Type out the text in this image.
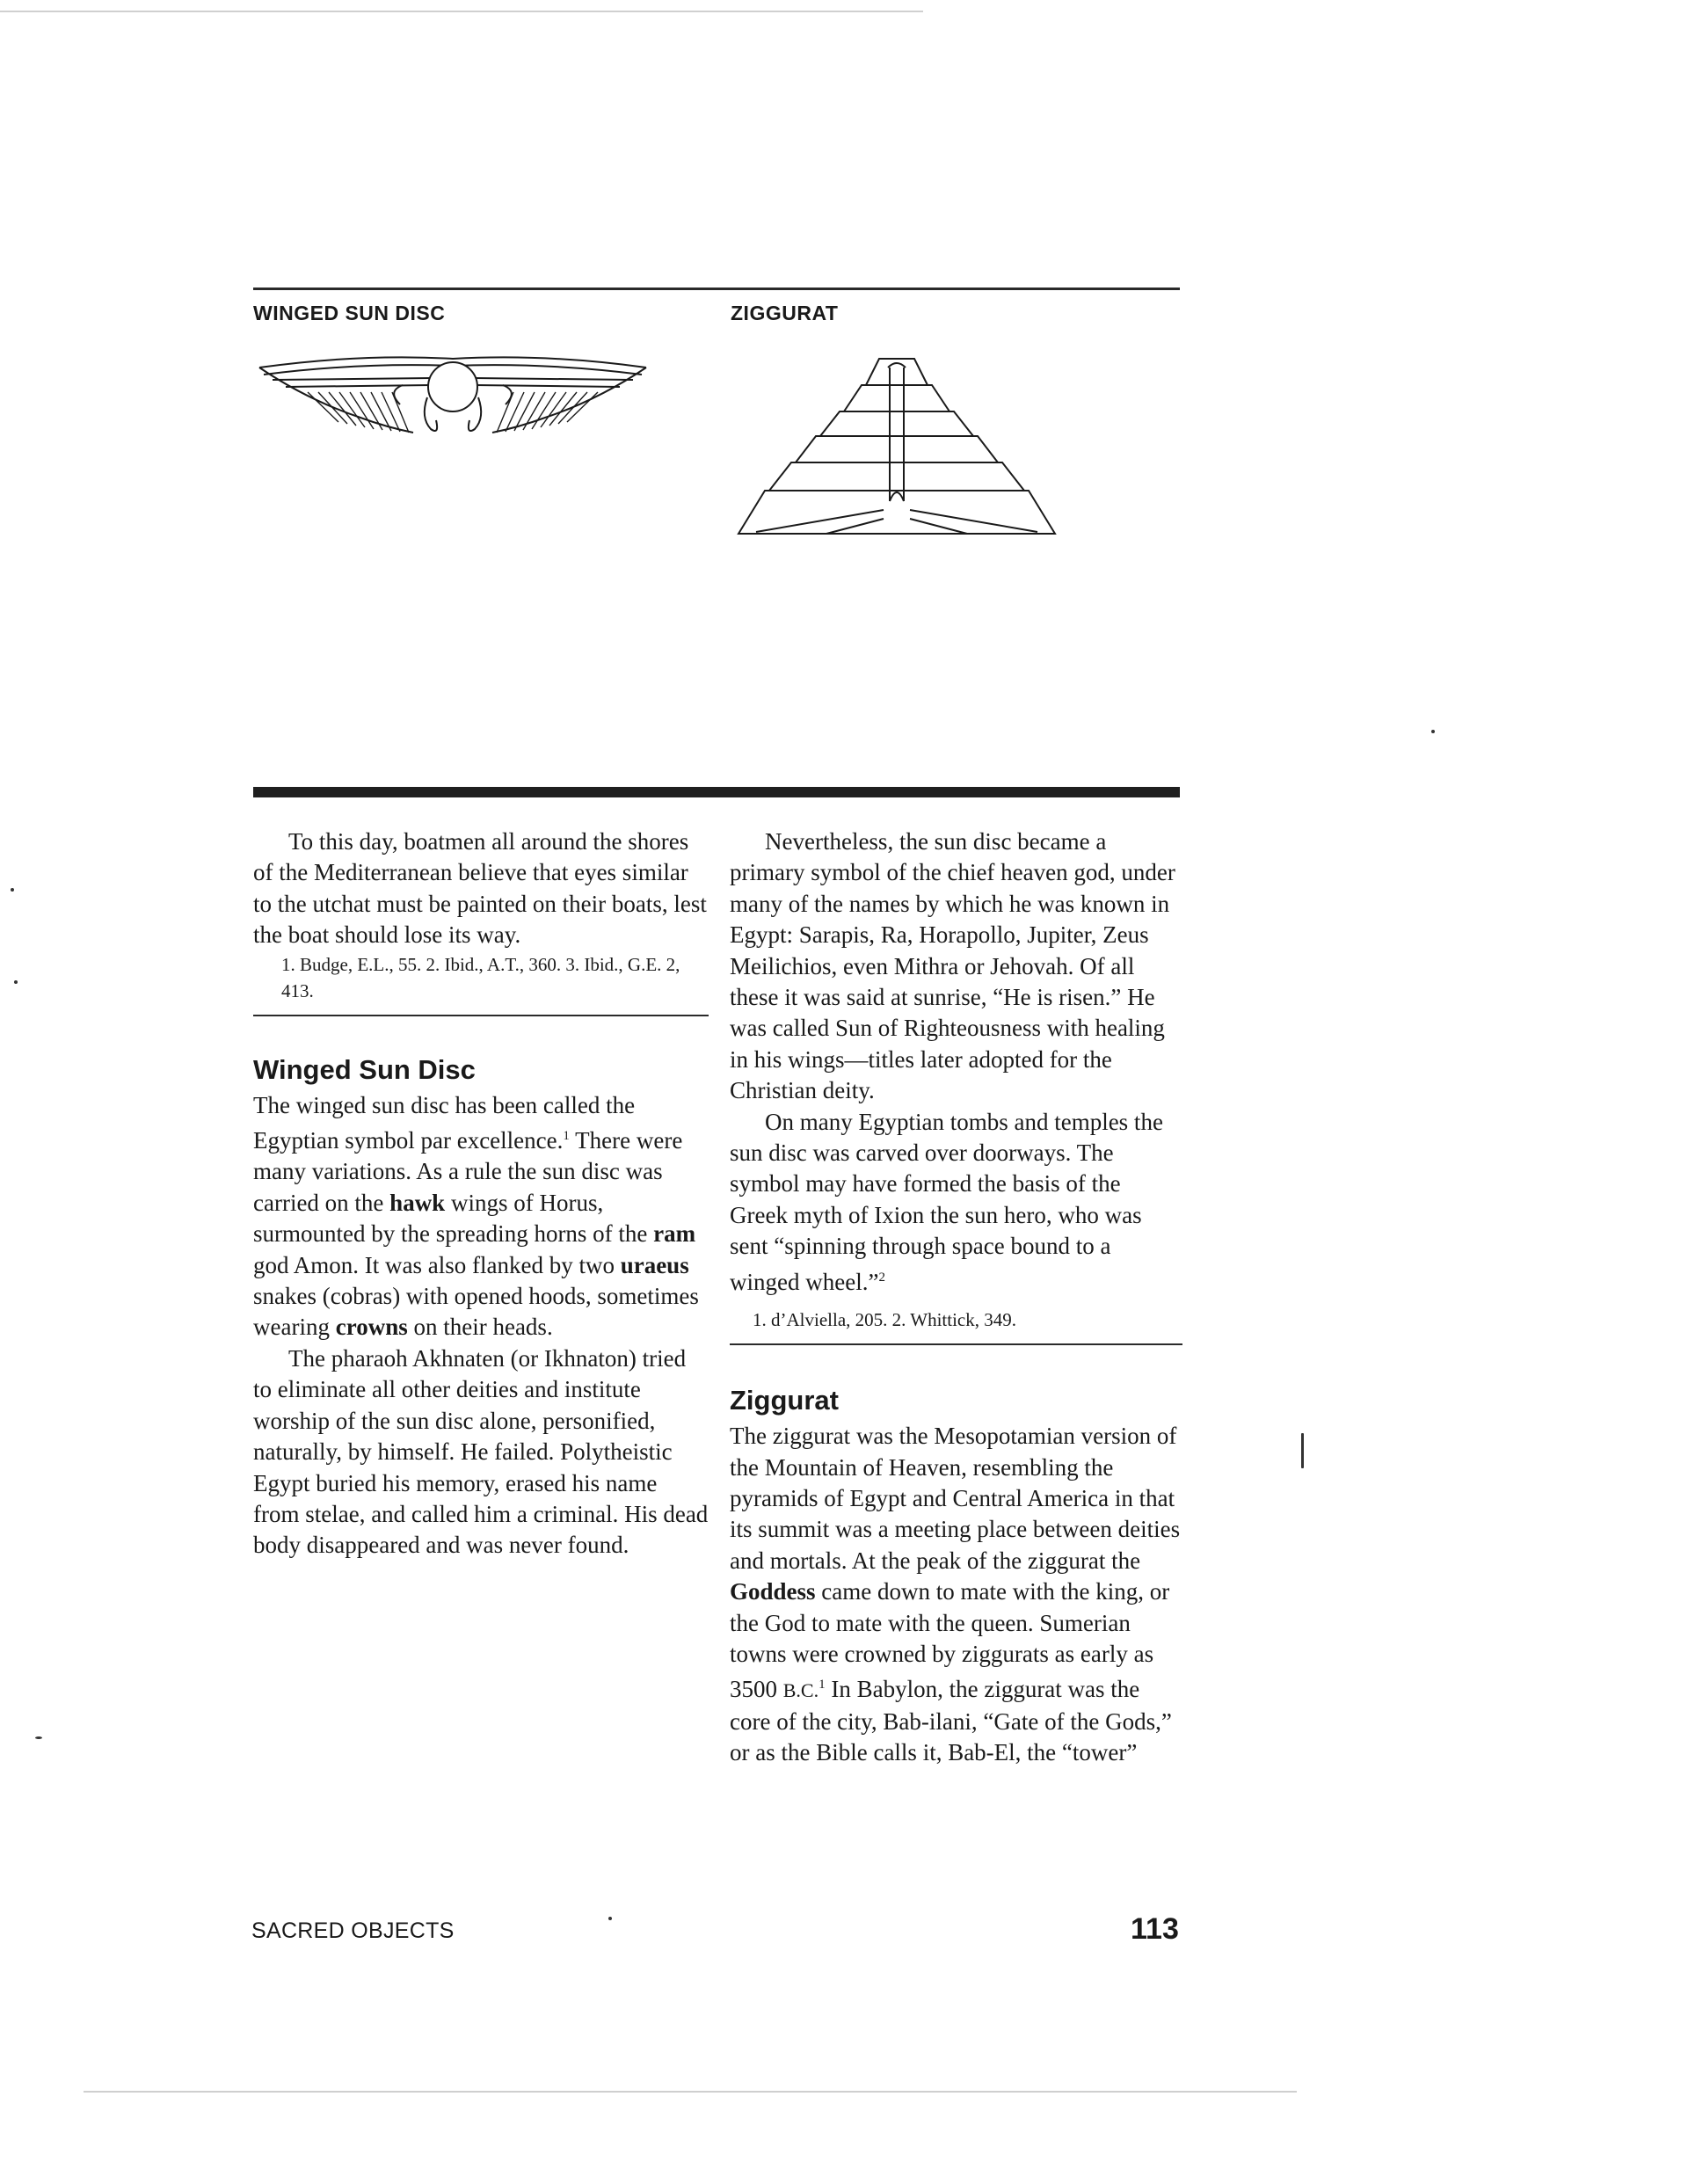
WINGED SUN DISC	ZIGGURAT

To this day, boatmen all around the shores of the Mediterranean believe that eyes similar to the utchat must be painted on their boats, lest the boat should lose its way.

1. Budge, E.L., 55. 2. Ibid., A.T., 360. 3. Ibid., G.E. 2, 413.

Winged Sun Disc

The winged sun disc has been called the Egyptian symbol par excellence.$^1$ There were many variations. As a rule the sun disc was carried on the hawk wings of Horus, surmounted by the spreading horns of the ram god Amon. It was also flanked by two uraeus snakes (cobras) with opened hoods, sometimes wearing crowns on their heads.

The pharaoh Akhnaten (or Ikhnaton) tried to eliminate all other deities and institute worship of the sun disc alone, personified, naturally, by himself. He failed. Polytheistic Egypt buried his memory, erased his name from stelae, and called him a criminal. His dead body disappeared and was never found.

Nevertheless, the sun disc became a primary symbol of the chief heaven god, under many of the names by which he was known in Egypt: Sarapis, Ra, Horapollo, Jupiter, Zeus Meilichios, even Mithra or Jehovah. Of all these it was said at sunrise, “He is risen.” He was called Sun of Righteousness with healing in his wings—titles later adopted for the Christian deity.

On many Egyptian tombs and temples the sun disc was carved over doorways. The symbol may have formed the basis of the Greek myth of Ixion the sun hero, who was sent “spinning through space bound to a winged wheel.”$^2$

1. d’Alviella, 205. 2. Whittick, 349.

Ziggurat

The ziggurat was the Mesopotamian version of the Mountain of Heaven, resembling the pyramids of Egypt and Central America in that its summit was a meeting place between deities and mortals. At the peak of the ziggurat the Goddess came down to mate with the king, or the God to mate with the queen. Sumerian towns were crowned by ziggurats as early as 3500 B.C.$^1$ In Babylon, the ziggurat was the core of the city, Bab-ilani, “Gate of the Gods,” or as the Bible calls it, Bab-El, the “tower”

SACRED OBJECTS	113
